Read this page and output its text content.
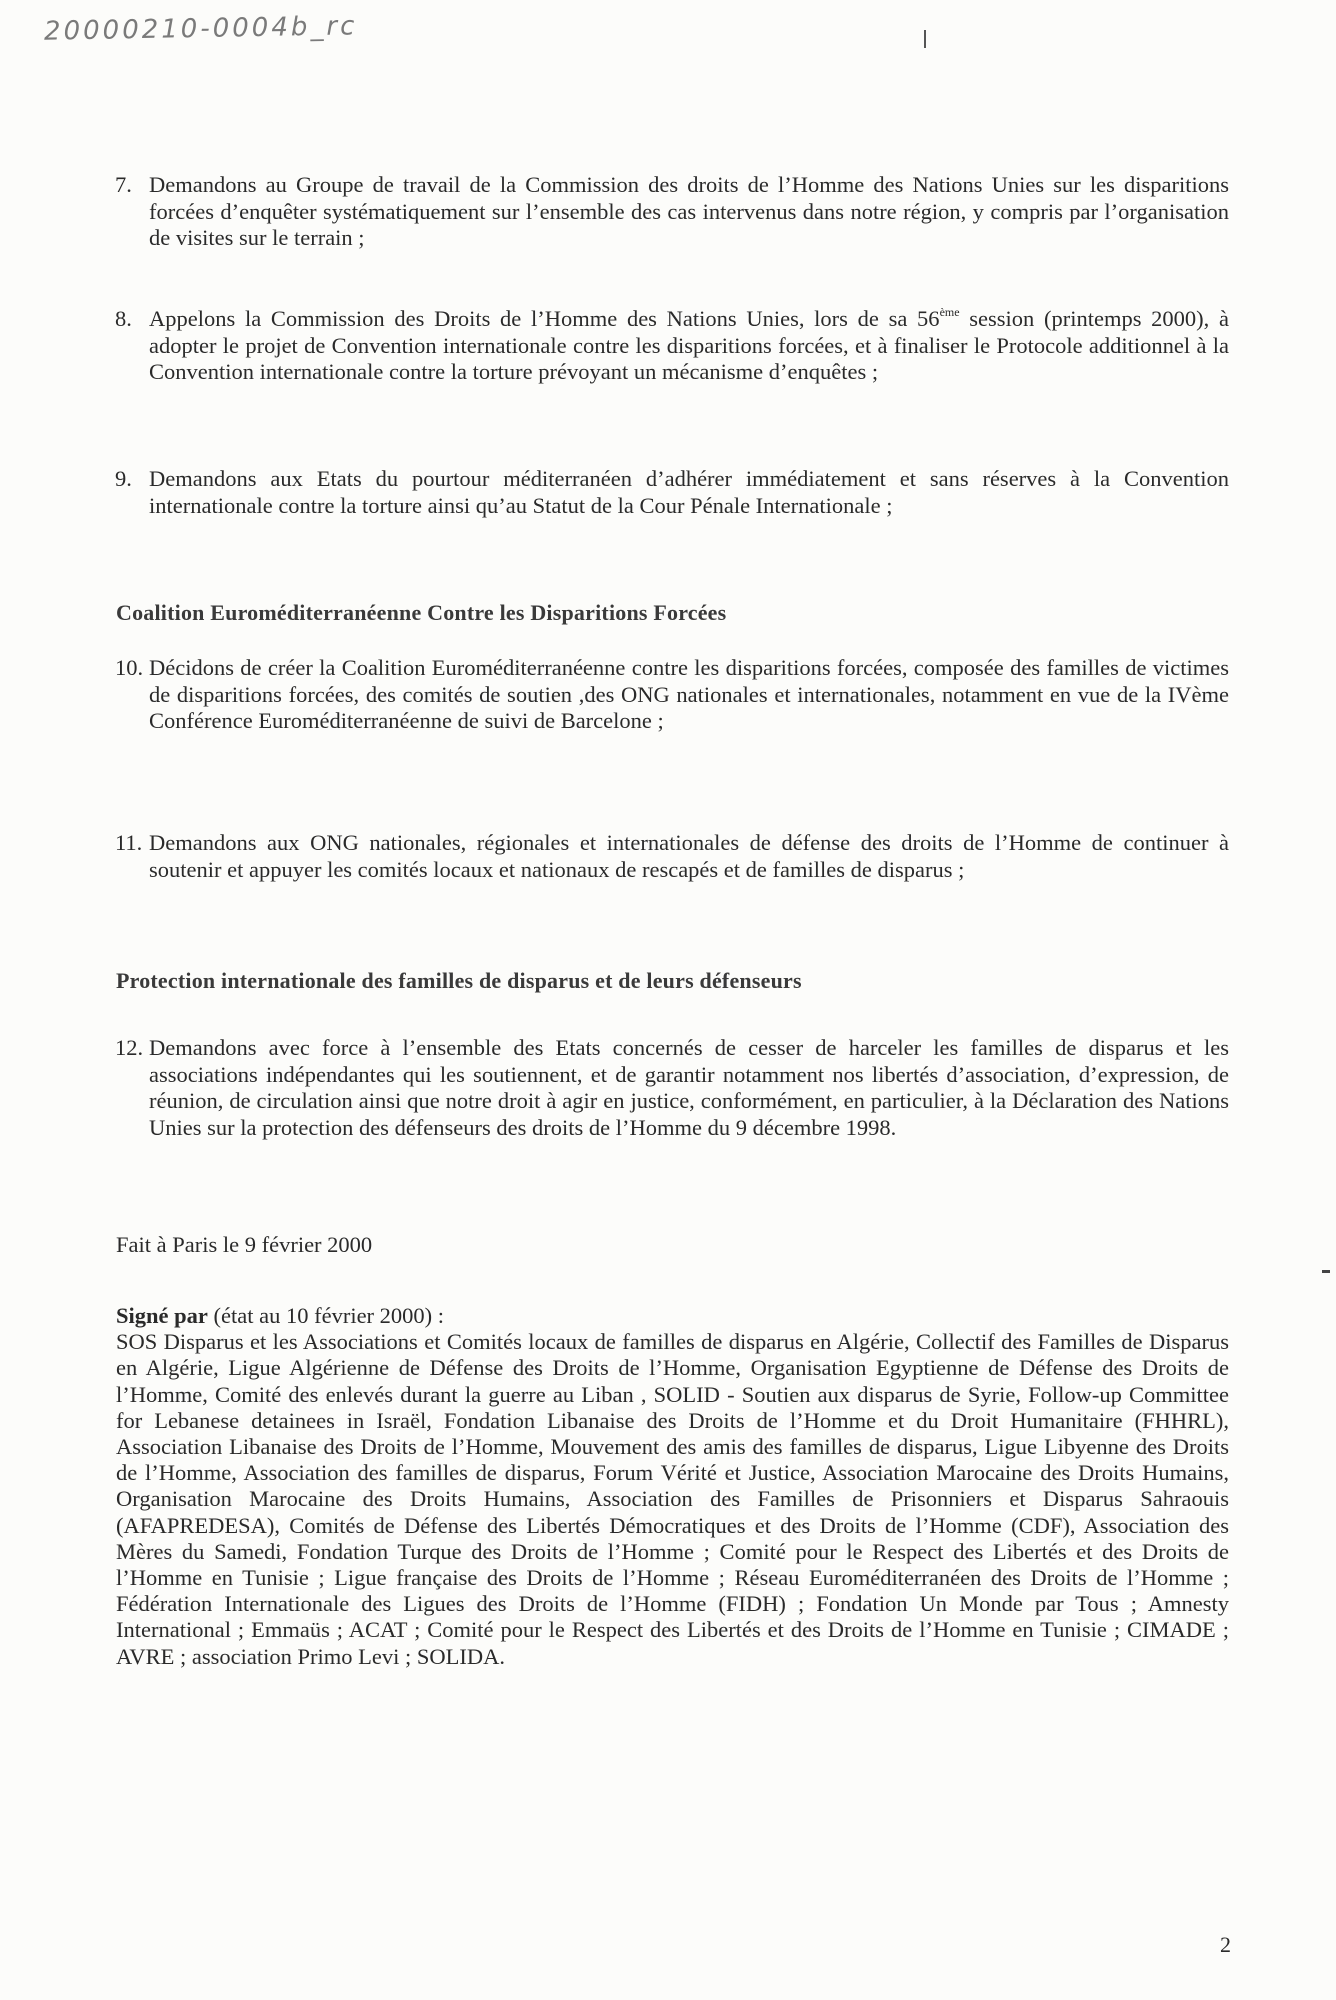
20000210-0004b_rc
7. Demandons au Groupe de travail de la Commission des droits de l’Homme des Nations Unies sur les disparitions forcées d’enquêter systématiquement sur l’ensemble des cas intervenus dans notre région, y compris par l’organisation de visites sur le terrain ;
8. Appelons la Commission des Droits de l’Homme des Nations Unies, lors de sa 56ème session (printemps 2000), à adopter le projet de Convention internationale contre les disparitions forcées, et à finaliser le Protocole additionnel à la Convention internationale contre la torture prévoyant un mécanisme d’enquêtes ;
9. Demandons aux Etats du pourtour méditerranéen d’adhérer immédiatement et sans réserves à la Convention internationale contre la torture ainsi qu’au Statut de la Cour Pénale Internationale ;
Coalition Euroméditerranéenne Contre les Disparitions Forcées
10. Décidons de créer la Coalition Euroméditerranéenne contre les disparitions forcées, composée des familles de victimes de disparitions forcées, des comités de soutien ,des ONG nationales et internationales, notamment en vue de la IVème Conférence Euroméditerranéenne de suivi de Barcelone ;
11. Demandons aux ONG nationales, régionales et internationales de défense des droits de l’Homme de continuer à soutenir et appuyer les comités locaux et nationaux de rescapés et de familles de disparus ;
Protection internationale des familles de disparus et de leurs défenseurs
12. Demandons avec force à l’ensemble des Etats concernés de cesser de harceler les familles de disparus et les associations indépendantes qui les soutiennent, et de garantir notamment nos libertés d’association, d’expression, de réunion, de circulation ainsi que notre droit à agir en justice, conformément, en particulier, à la Déclaration des Nations Unies sur la protection des défenseurs des droits de l’Homme du 9 décembre 1998.
Fait à Paris le 9 février 2000
Signé par (état au 10 février 2000) :
SOS Disparus et les Associations et Comités locaux de familles de disparus en Algérie, Collectif des Familles de Disparus en Algérie, Ligue Algérienne de Défense des Droits de l’Homme, Organisation Egyptienne de Défense des Droits de l’Homme, Comité des enlevés durant la guerre au Liban , SOLID - Soutien aux disparus de Syrie, Follow-up Committee for Lebanese detainees in Israël, Fondation Libanaise des Droits de l’Homme et du Droit Humanitaire (FHHRL), Association Libanaise des Droits de l’Homme, Mouvement des amis des familles de disparus, Ligue Libyenne des Droits de l’Homme, Association des familles de disparus, Forum Vérité et Justice, Association Marocaine des Droits Humains, Organisation Marocaine des Droits Humains, Association des Familles de Prisonniers et Disparus Sahraouis (AFAPREDESA), Comités de Défense des Libertés Démocratiques et des Droits de l’Homme (CDF), Association des Mères du Samedi, Fondation Turque des Droits de l’Homme ; Comité pour le Respect des Libertés et des Droits de l’Homme en Tunisie ; Ligue française des Droits de l’Homme ; Réseau Euroméditerranéen des Droits de l’Homme ; Fédération Internationale des Ligues des Droits de l’Homme (FIDH) ; Fondation Un Monde par Tous ; Amnesty International ; Emmaüs ; ACAT ; Comité pour le Respect des Libertés et des Droits de l’Homme en Tunisie ; CIMADE ; AVRE ; association Primo Levi ; SOLIDA.
2
